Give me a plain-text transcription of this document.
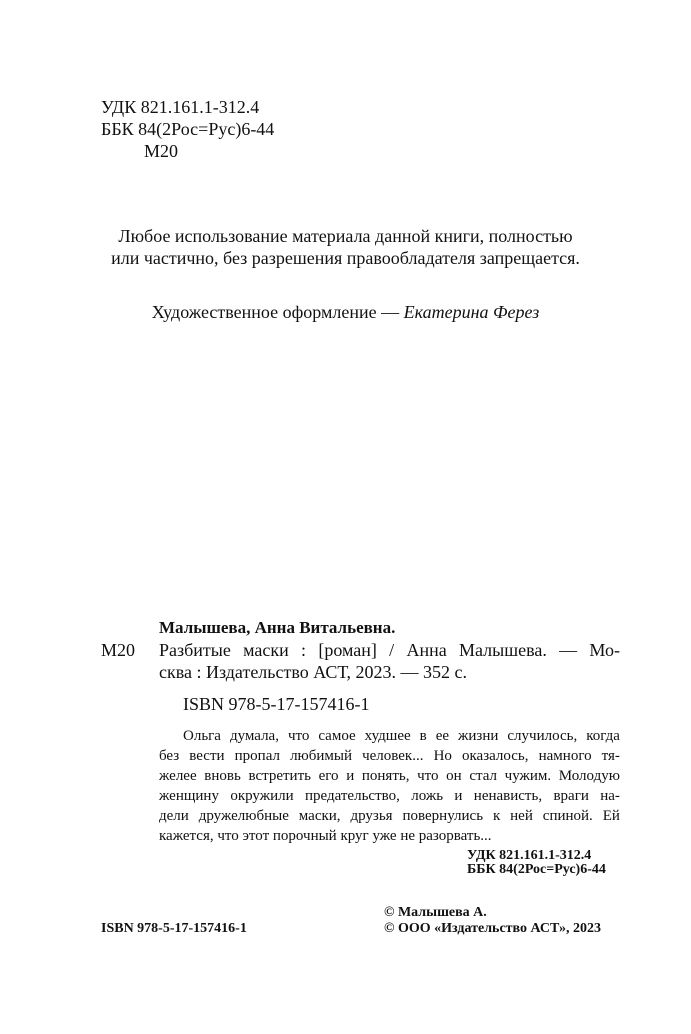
УДК 821.161.1-312.4
ББК 84(2Рос=Рус)6-44
М20
Любое использование материала данной книги, полностью
или частично, без разрешения правообладателя запрещается.
Художественное оформление — Екатерина Ферез
Малышева, Анна Витальевна.
М20 Разбитые маски : [роман] / Анна Малышева. — Мо-
сква : Издательство АСТ, 2023. — 352 с.
ISBN 978-5-17-157416-1
Ольга думала, что самое худшее в ее жизни случилось, когда
без вести пропал любимый человек... Но оказалось, намного тя-
желее вновь встретить его и понять, что он стал чужим. Молодую
женщину окружили предательство, ложь и ненависть, враги на-
дели дружелюбные маски, друзья повернулись к ней спиной. Ей
кажется, что этот порочный круг уже не разорвать...
УДК 821.161.1-312.4
ББК 84(2Рос=Рус)6-44
ISBN 978-5-17-157416-1
© Малышева А.
© ООО «Издательство АСТ», 2023
